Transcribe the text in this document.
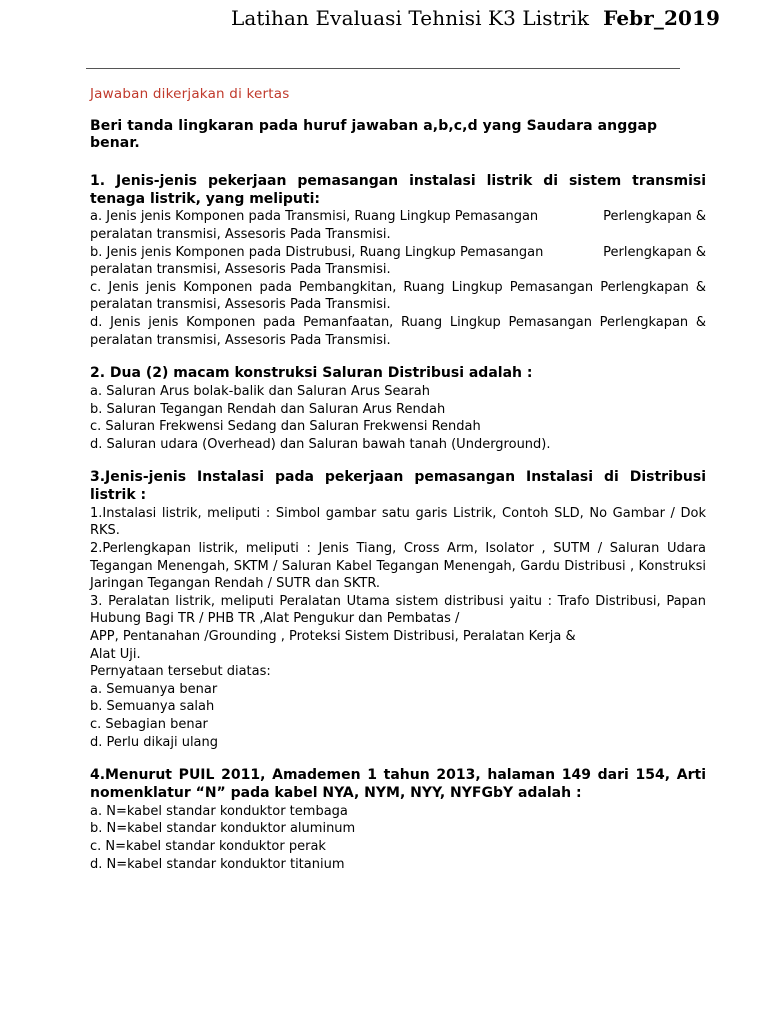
Latihan Evaluasi Tehnisi K3 Listrik Febr_2019
Jawaban dikerjakan di kertas
Beri tanda lingkaran pada huruf jawaban a,b,c,d yang Saudara anggap benar.
1. Jenis-jenis pekerjaan pemasangan instalasi listrik di sistem transmisi tenaga listrik, yang meliputi:
a. Jenis jenis Komponen pada Transmisi, Ruang Lingkup Pemasangan	Perlengkapan &
peralatan transmisi, Assesoris Pada Transmisi.
b. Jenis jenis Komponen pada Distrubusi, Ruang Lingkup Pemasangan	Perlengkapan &
peralatan transmisi, Assesoris Pada Transmisi.
c. Jenis jenis Komponen pada Pembangkitan, Ruang Lingkup Pemasangan Perlengkapan & peralatan transmisi, Assesoris Pada Transmisi.
d. Jenis jenis Komponen pada Pemanfaatan, Ruang Lingkup Pemasangan Perlengkapan & peralatan transmisi, Assesoris Pada Transmisi.
2. Dua (2) macam konstruksi Saluran Distribusi adalah :
a. Saluran Arus bolak-balik dan Saluran Arus Searah
b. Saluran Tegangan Rendah dan Saluran Arus Rendah
c. Saluran Frekwensi Sedang dan Saluran Frekwensi Rendah
d. Saluran udara (Overhead) dan Saluran bawah tanah (Underground).
3.Jenis-jenis Instalasi pada pekerjaan pemasangan Instalasi di Distribusi listrik :
1.Instalasi listrik, meliputi : Simbol gambar satu garis Listrik, Contoh SLD, No Gambar / Dok RKS.
2.Perlengkapan listrik, meliputi : Jenis Tiang, Cross Arm, Isolator , SUTM / Saluran Udara Tegangan Menengah, SKTM / Saluran Kabel Tegangan Menengah, Gardu Distribusi , Konstruksi Jaringan Tegangan Rendah / SUTR dan SKTR.
3. Peralatan listrik, meliputi Peralatan Utama sistem distribusi yaitu : Trafo Distribusi, Papan Hubung Bagi TR / PHB TR ,Alat Pengukur dan Pembatas /
APP, Pentanahan /Grounding , Proteksi Sistem Distribusi, Peralatan Kerja &
Alat Uji.
Pernyataan tersebut diatas:
a. Semuanya benar
b. Semuanya salah
c. Sebagian benar
d. Perlu dikaji ulang
4.Menurut PUIL 2011, Amademen 1 tahun 2013, halaman 149 dari 154, Arti nomenklatur “N” pada kabel NYA, NYM, NYY, NYFGbY adalah :
a. N=kabel standar konduktor tembaga
b. N=kabel standar konduktor aluminum
c. N=kabel standar konduktor perak
d. N=kabel standar konduktor titanium
